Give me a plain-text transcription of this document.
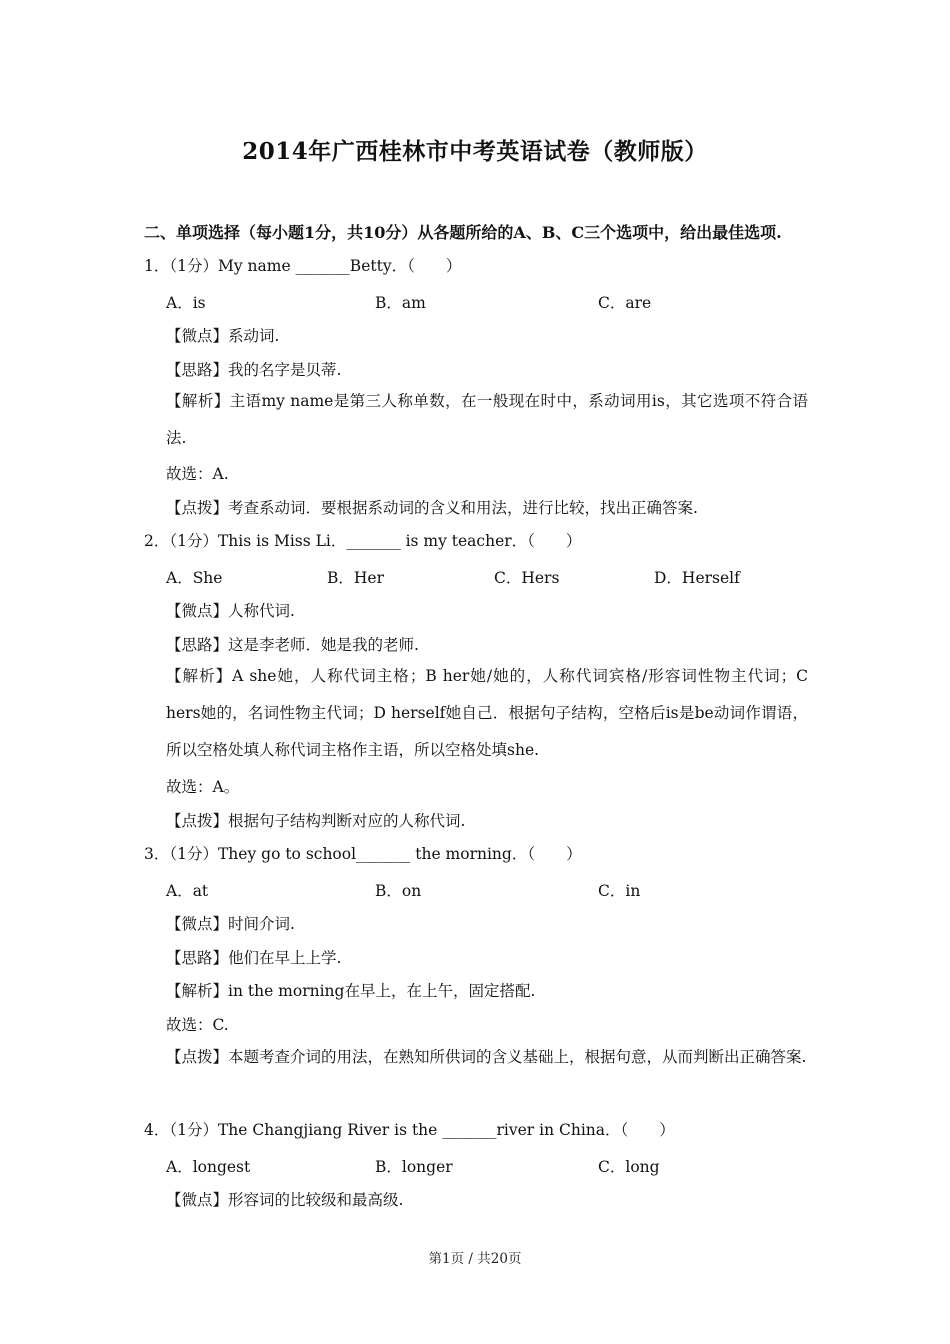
2014年广西桂林市中考英语试卷（教师版）
二、单项选择（每小题1分，共10分）从各题所给的A、B、C三个选项中，给出最佳选项.
1．（1分）My name _______Betty．（　　）
A．is	B．am	C．are
【微点】系动词.
【思路】我的名字是贝蒂.
【解析】主语my name是第三人称单数，在一般现在时中，系动词用is，其它选项不符合语法.
故选：A.
【点拨】考查系动词．要根据系动词的含义和用法，进行比较，找出正确答案.
2．（1分）This is Miss Li．_______ is my teacher．（　　）
A．She	B．Her	C．Hers	D．Herself
【微点】人称代词.
【思路】这是李老师．她是我的老师.
【解析】A she她，人称代词主格；B her她/她的，人称代词宾格/形容词性物主代词；C hers她的，名词性物主代词；D herself她自己．根据句子结构，空格后is是be动词作谓语，所以空格处填人称代词主格作主语，所以空格处填she.
故选：A。
【点拨】根据句子结构判断对应的人称代词.
3．（1分）They go to school_______ the morning．（　　）
A．at	B．on	C．in
【微点】时间介词.
【思路】他们在早上上学.
【解析】in the morning在早上，在上午，固定搭配.
故选：C.
【点拨】本题考查介词的用法，在熟知所供词的含义基础上，根据句意，从而判断出正确答案.
4．（1分）The Changjiang River is the _______river in China．（　　）
A．longest	B．longer	C．long
【微点】形容词的比较级和最高级.
第1页 / 共20页
